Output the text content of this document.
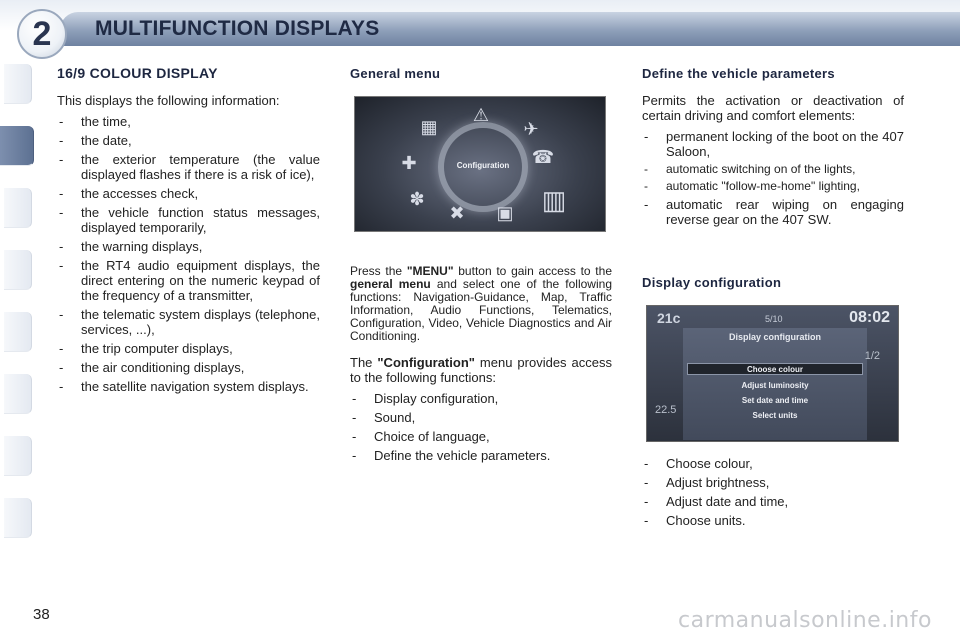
MULTIFUNCTION DISPLAYS
2
16/9 COLOUR DISPLAY

This displays the following information:

- the time,
- the date,
- the exterior temperature (the value displayed flashes if there is a risk of ice),
- the accesses check,
- the vehicle function status messages, displayed temporarily,
- the warning displays,
- the RT4 audio equipment displays, the direct entering on the numeric keypad of the frequency of a transmitter,
- the telematic system displays (telephone, services, ...),
- the trip computer displays,
- the air conditioning displays,
- the satellite navigation system displays.
General menu

Press the "MENU" button to gain access to the general menu and select one of the following functions: Navigation-Guidance, Map, Traffic Information, Audio Functions, Telematics, Configuration, Video, Vehicle Diagnostics and Air Conditioning.

The "Configuration" menu provides access to the following functions:

- Display configuration,
- Sound,
- Choice of language,
- Define the vehicle parameters.
Configuration
▦
⚠
✈
☎
✚
✽
✖ ▣ ▥
Define the vehicle parameters

Permits the activation or deactivation of certain driving and comfort elements:

- permanent locking of the boot on the 407 Saloon,
- automatic switching on of the lights,
- automatic "follow-me-home" lighting,
- automatic rear wiping on engaging reverse gear on the 407 SW.
Display configuration
- Choose colour,
- Adjust brightness,
- Adjust date and time,
- Choose units.
21c	5/10	08:02
Display configuration
Choose colour
Adjust luminosity
Set date and time
Select units
22.5
1/2
38	carmanualsonline.info
